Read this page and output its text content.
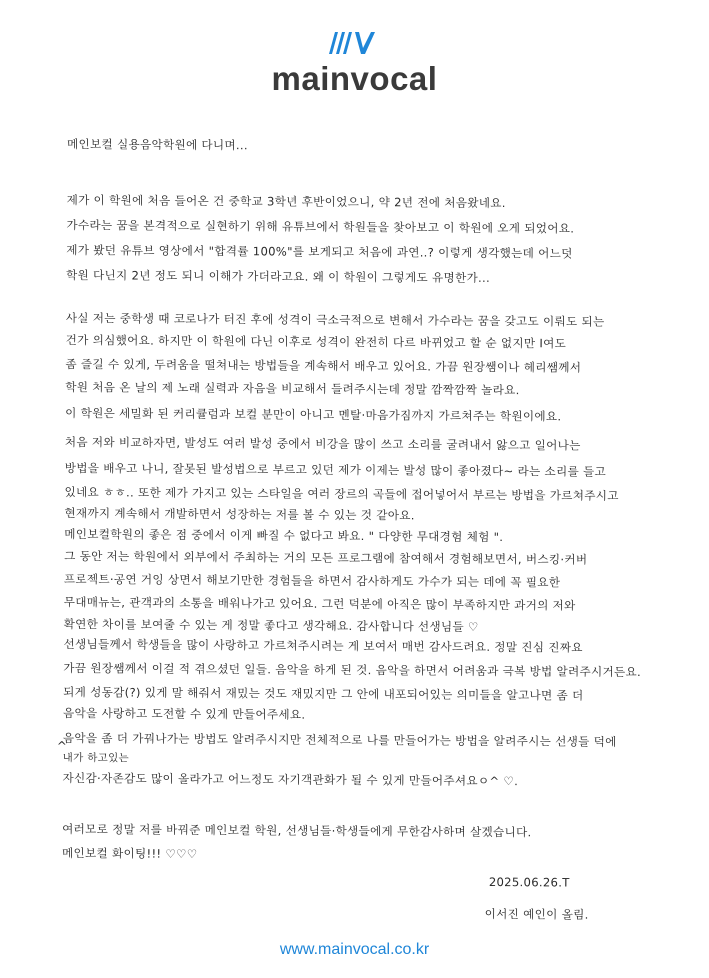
mainvocal
메인보컬 실용음악학원에 다니며...
제가 이 학원에 처음 들어온 건 중학교 3학년 후반이었으니, 약 2년 전에 처음왔네요.
가수라는 꿈을 본격적으로 실현하기 위해 유튜브에서 학원들을 찾아보고 이 학원에 오게 되었어요.
제가 봤던 유튜브 영상에서 "합격률 100%"를 보게되고 처음에 과연..? 이렇게 생각했는데 어느덧
학원 다닌지 2년 정도 되니 이해가 가더라고요. 왜 이 학원이 그렇게도 유명한가...
사실 저는 중학생 때 코로나가 터진 후에 성격이 극소극적으로 변해서 가수라는 꿈을 갖고도 이뤄도 되는
건가 의심했어요. 하지만 이 학원에 다닌 이후로 성격이 완전히 다르 바뀌었고 할 순 없지만 I여도
좀 즐길 수 있게, 두려움을 떨쳐내는 방법들을 계속해서 배우고 있어요. 가끔 원장쌤이나 헤리쌤께서
학원 처음 온 날의 제 노래 실력과 자음을 비교해서 들려주시는데 정말 깜짝깜짝 놀라요.
이 학원은 세밀화 된 커리큘럼과 보컬 분만이 아니고 멘탈·마음가짐까지 가르쳐주는 학원이에요.
처음 저와 비교하자면, 발성도 여러 발성 중에서 비강을 많이 쓰고 소리를 굴려내서 앓으고 일어나는
방법을 배우고 나니, 잘못된 발성법으로 부르고 있던 제가 이제는 발성 많이 좋아졌다~ 라는 소리를 들고
있네요 ㅎㅎ.. 또한 제가 가지고 있는 스타일을 여러 장르의 곡들에 접어넣어서 부르는 방법을 가르쳐주시고
현재까지 계속해서 개발하면서 성장하는 저를 볼 수 있는 것 같아요.
메인보컬학원의 좋은 점 중에서 이게 빠질 수 없다고 봐요. " 다양한 무대경험 체험 ".
그 동안 저는 학원에서 외부에서 주최하는 거의 모든 프로그램에 참여해서 경험해보면서, 버스킹·커버
프로젝트·공연 거잉 상면서 해보기만한 경험들을 하면서 감사하게도 가수가 되는 데에 꼭 필요한
무대매뉴는, 관객과의 소통을 배워나가고 있어요. 그런 덕분에 아직은 많이 부족하지만 과거의 저와
확연한 차이를 보여줄 수 있는 게 정말 좋다고 생각해요. 감사합니다 선생님들 ♡
선생님들께서 학생들을 많이 사랑하고 가르쳐주시려는 게 보여서 매번 감사드려요. 정말 진심 진짜요
가끔 원장쌤께서 이걸 적 겪으셨던 일들. 음악을 하게 된 것. 음악을 하면서 어려움과 극복 방법 알려주시거든요.
되게 성동감(?) 있게 말 해줘서 재밌는 것도 재밌지만 그 안에 내포되어있는 의미들을 알고나면 좀 더
음악을 사랑하고 도전할 수 있게 만들어주세요.
음악을 좀 더 가꿔나가는 방법도 알려주시지만 전체적으로 나를 만들어가는 방법을 알려주시는 선생들 덕에
^
내가 하고있는
자신감·자존감도 많이 올라가고 어느정도 자기객관화가 될 수 있게 만들어주셔요ㅇ^ ♡.
여러모로 정말 저를 바꿔준 메인보컬 학원, 선생님들·학생들에게 무한감사하며 살겠습니다.
메인보컬 화이팅!!! ♡♡♡
2025.06.26.T
이서진 예인이 올림.
www.mainvocal.co.kr
